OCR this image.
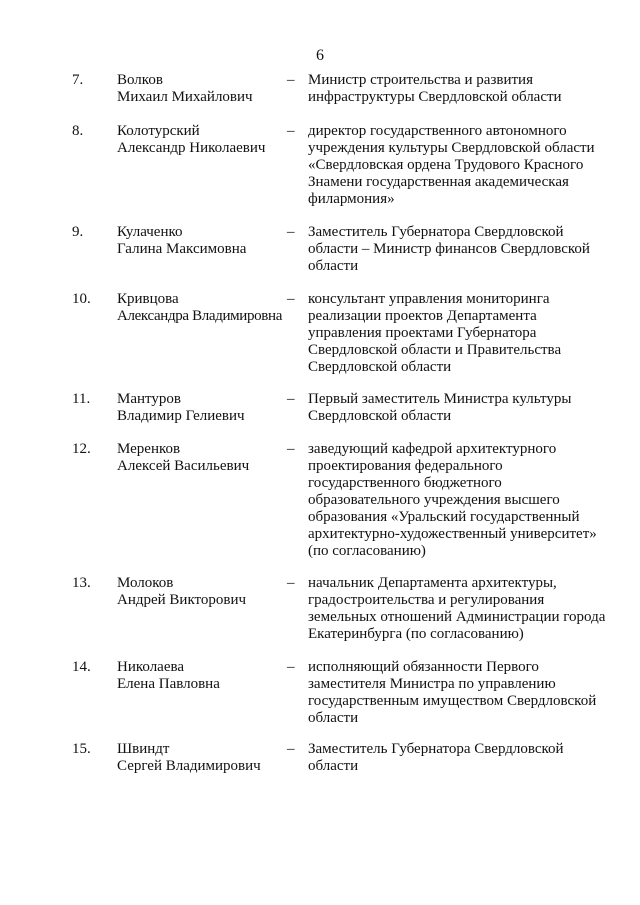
6
7. Волков
Михаил Михайлович
– Министр строительства и развития
инфраструктуры Свердловской области
8. Колотурский
Александр Николаевич
– директор государственного автономного
учреждения культуры Свердловской области
«Свердловская ордена Трудового Красного
Знамени государственная академическая
филармония»
9. Кулаченко
Галина Максимовна
– Заместитель Губернатора Свердловской
области – Министр финансов Свердловской
области
10. Кривцова
Александра Владимировна
– консультант управления мониторинга
реализации проектов Департамента
управления проектами Губернатора
Свердловской области и Правительства
Свердловской области
11. Мантуров
Владимир Гелиевич
– Первый заместитель Министра культуры
Свердловской области
12. Меренков
Алексей Васильевич
– заведующий кафедрой архитектурного
проектирования федерального
государственного бюджетного
образовательного учреждения высшего
образования «Уральский государственный
архитектурно-художественный университет»
(по согласованию)
13. Молоков
Андрей Викторович
– начальник Департамента архитектуры,
градостроительства и регулирования
земельных отношений Администрации города
Екатеринбурга (по согласованию)
14. Николаева
Елена Павловна
– исполняющий обязанности Первого
заместителя Министра по управлению
государственным имуществом Свердловской
области
15. Швиндт
Сергей Владимирович
– Заместитель Губернатора Свердловской
области
